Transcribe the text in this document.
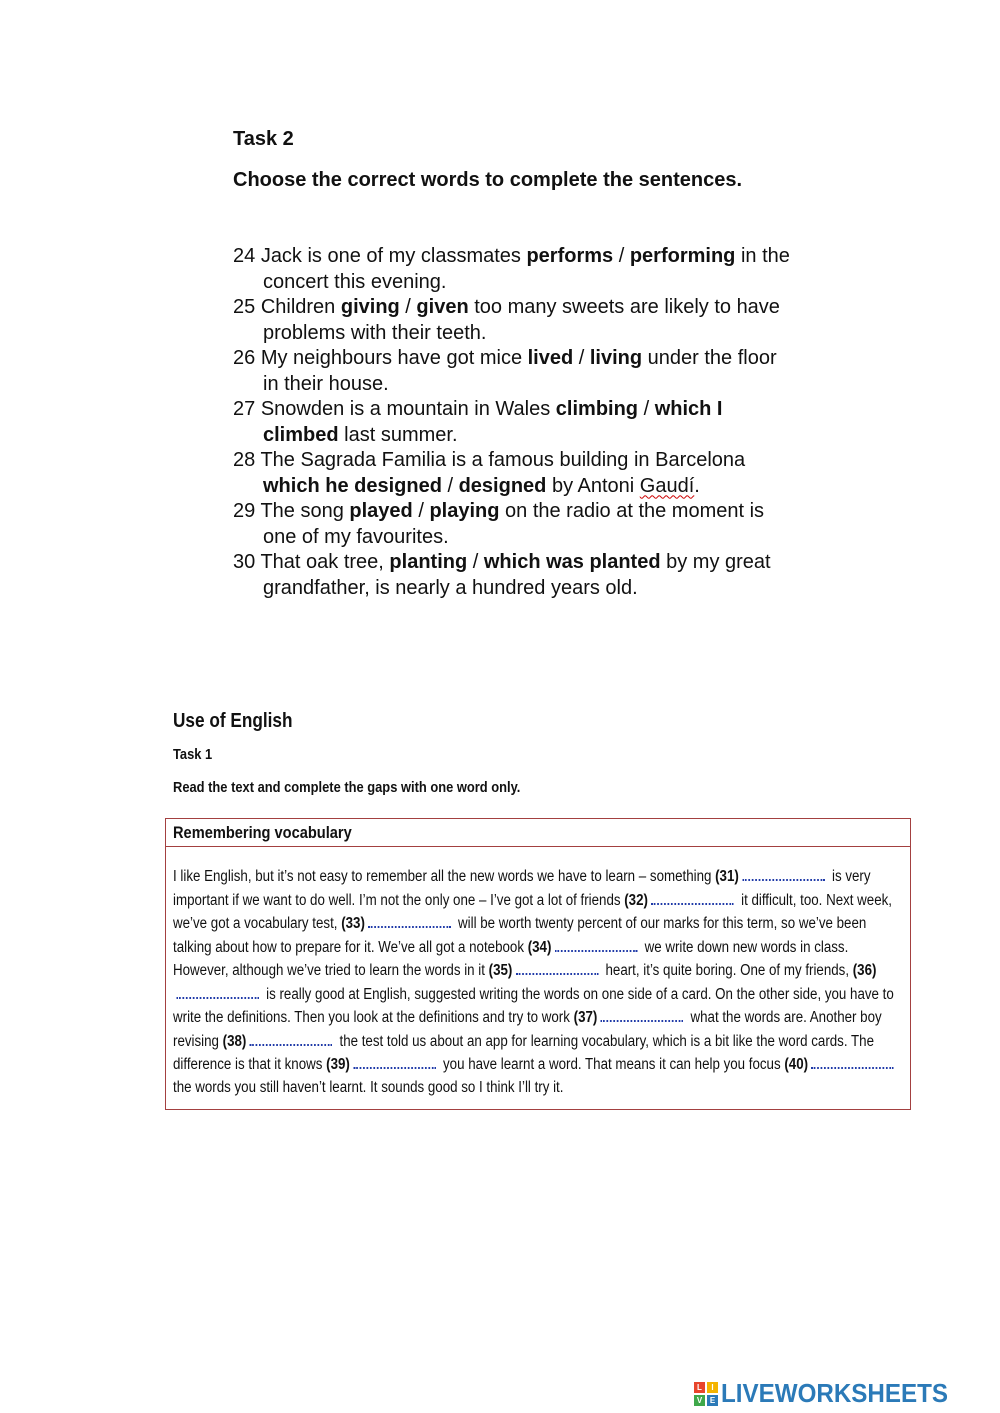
Task 2
Choose the correct words to complete the sentences.

24 Jack is one of my classmates performs / performing in the concert this evening.

25 Children giving / given too many sweets are likely to have problems with their teeth.

26 My neighbours have got mice lived / living under the floor in their house.

27 Snowden is a mountain in Wales climbing / which I climbed last summer.

28 The Sagrada Familia is a famous building in Barcelona which he designed / designed by Antoni Gaudí.

29 The song played / playing on the radio at the moment is one of my favourites.

30 That oak tree, planting / which was planted by my great grandfather, is nearly a hundred years old.

Use of English
Task 1
Read the text and complete the gaps with one word only.
Remembering vocabulary
I like English, but it’s not easy to remember all the new words we have to learn – something (31)	is very important if we want to do well. I’m not the only one – I’ve got a lot of friends (32)	it difficult, too. Next week, we’ve got a vocabulary test, (33)	will be worth twenty percent of our marks for this term, so we’ve been talking about how to prepare for it. We’ve all got a notebook (34)	we write down new words in class. However, although we’ve tried to learn the words in it (35)	heart, it’s quite boring. One of my friends, (36) is really good at English, suggested writing the words on one side of a card. On the other side, you have to write the definitions. Then you look at the definitions and try to work (37)	what the words are. Another boy revising (38)	the test told us about an app for learning vocabulary, which is a bit like the word cards. The difference is that it knows (39)	you have learnt a word. That means it can help you focus (40) the words you still haven’t learnt. It sounds good so I think I’ll try it.
L	I
V E LIVEWORKSHEETS
